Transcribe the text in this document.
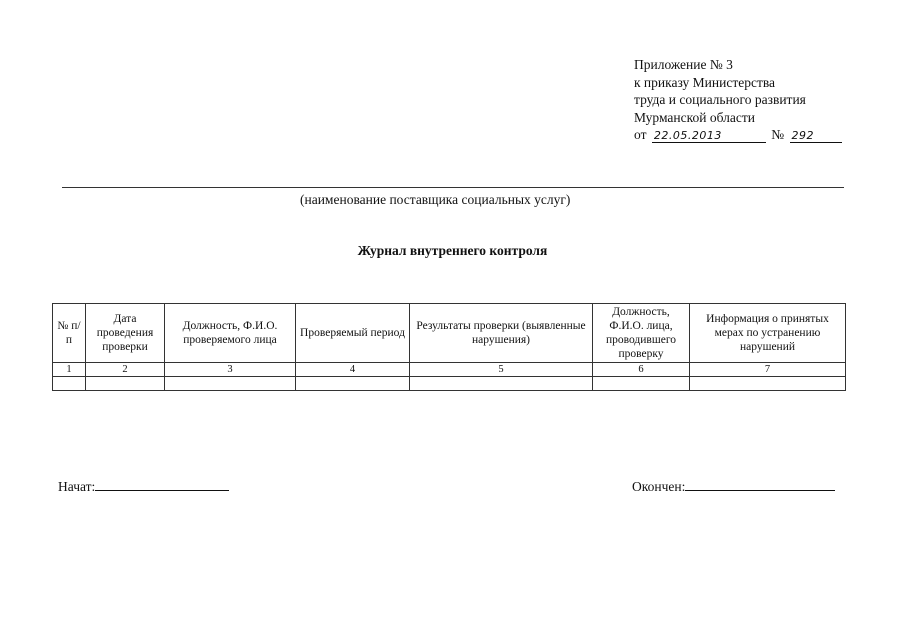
Приложение № 3
к приказу Министерства
труда и социального развития
Мурманской области
от 22.05.2013	№ 292
(наименование поставщика социальных услуг)
Журнал внутреннего контроля
№ п/п	Дата проведения проверки	Должность, Ф.И.О. проверяемого лица	Проверяемый период	Результаты проверки (выявленные нарушения)	Должность, Ф.И.О. лица, проводившего проверку	Информация о принятых мерах по устранению нарушений
1	2	3	4	5	6	7

Начат:	Окончен:
